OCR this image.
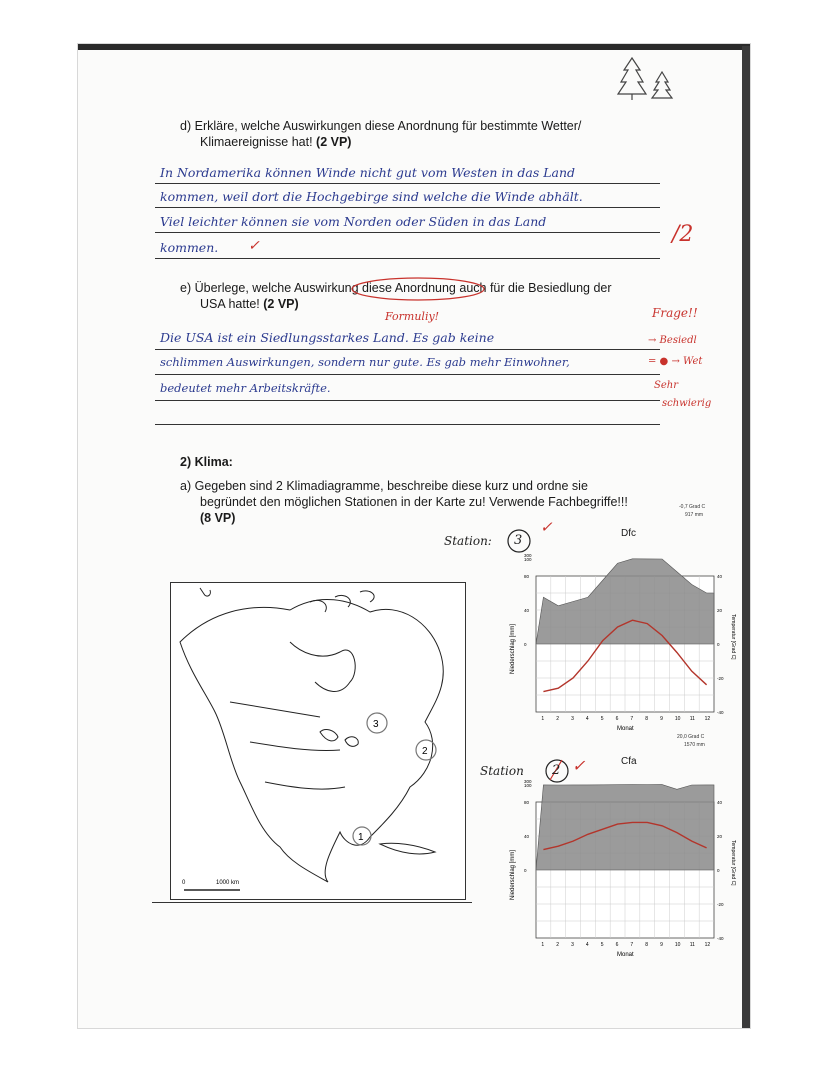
d) Erkläre, welche Auswirkungen diese Anordnung für bestimmte Wetter/
Klimaereignisse hat! (2 VP)
In Nordamerika können Winde nicht gut vom Westen in das Land
kommen, weil dort die Hochgebirge sind welche die Winde abhält.
Viel leichter können sie vom Norden oder Süden in das Land
kommen. ✓	/2
e) Überlege, welche Auswirkung diese Anordnung auch für die Besiedlung der
USA hatte! (2 VP)
Formuliy!
Die USA ist ein Siedlungsstarkes Land. Es gab keine
schlimmen Auswirkungen, sondern nur gute. Es gab mehr Einwohner,
bedeutet mehr Arbeitskräfte.
Frage!!
→ Besiedl
= ● → Wet
Sehr
schwierig
2) Klima:
a) Gegeben sind 2 Klimadiagramme, beschreibe diese kurz und ordne sie
begründet den möglichen Stationen in der Karte zu! Verwende Fachbegriffe!!!
(8 VP)
Station: 3
✓
Station 2 ✓
3
2
1
0	1000 km
Dfc
-0,7 Grad C
917 mm
1 2 3 4 5 6 7 8 9 10 11 12
40
20
0
-20
-40
300
100
80
40
0
Monat
Niederschlag [mm]	Temperatur [Grad C]
Cfa
20,0 Grad C
1570 mm
1 2 3 4 5 6 7 8 9 10 11 12
40
20
0
-20
-40
300
100
80
40
0
Monat
Niederschlag [mm]	Temperatur [Grad C]
